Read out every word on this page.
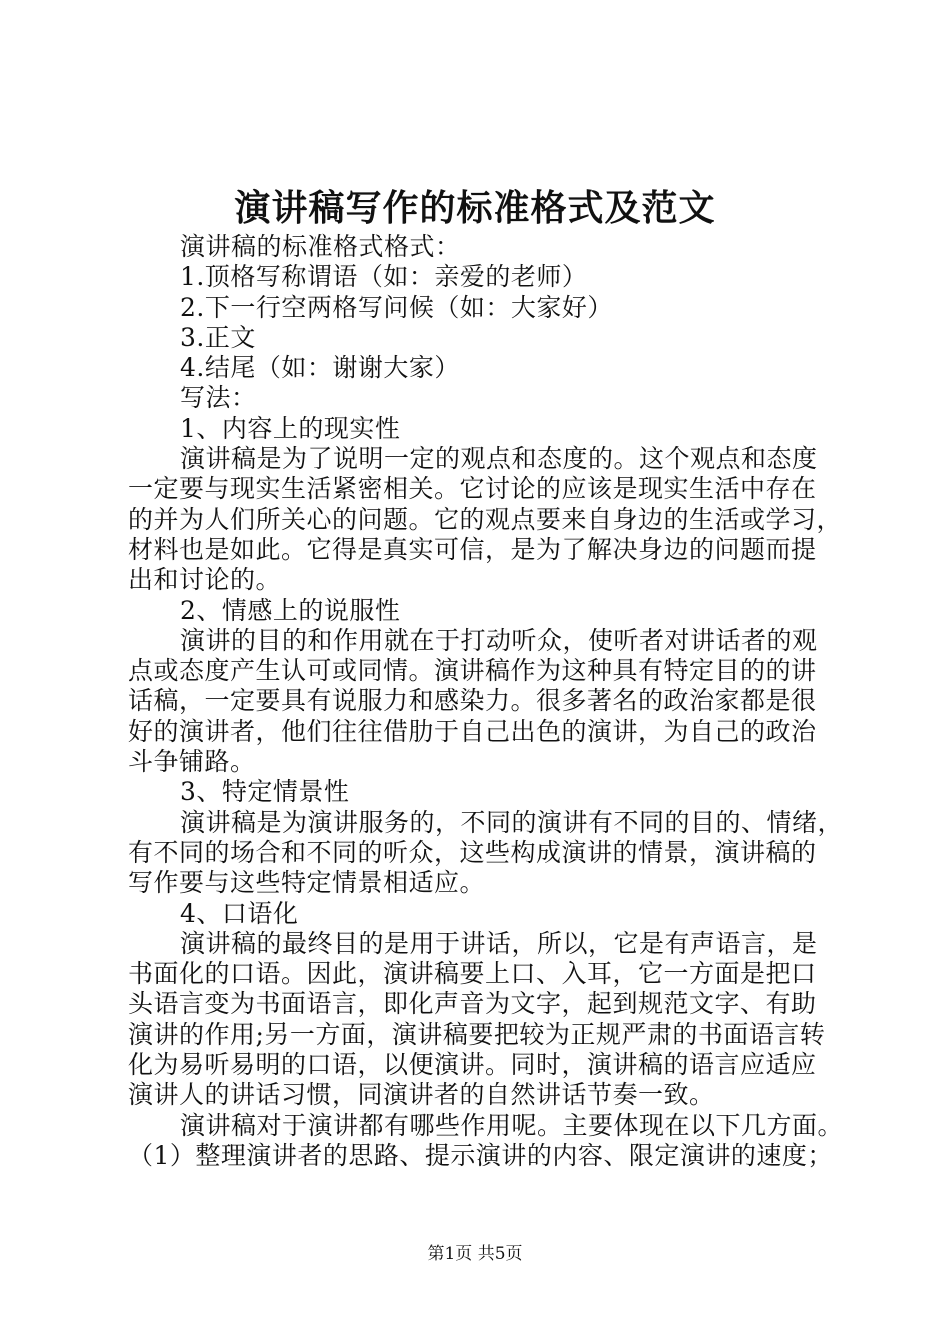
演讲稿写作的标准格式及范文

演讲稿的标准格式格式：

1.顶格写称谓语（如：亲爱的老师）

2.下一行空两格写问候（如：大家好）

3.正文

4.结尾（如：谢谢大家）

写法：

1、内容上的现实性

演讲稿是为了说明一定的观点和态度的。这个观点和态度

一定要与现实生活紧密相关。它讨论的应该是现实生活中存在

的并为人们所关心的问题。它的观点要来自身边的生活或学习，

材料也是如此。它得是真实可信，是为了解决身边的问题而提

出和讨论的。

2、情感上的说服性

演讲的目的和作用就在于打动听众，使听者对讲话者的观

点或态度产生认可或同情。演讲稿作为这种具有特定目的的讲

话稿，一定要具有说服力和感染力。很多著名的政治家都是很

好的演讲者，他们往往借肋于自己出色的演讲，为自己的政治

斗争铺路。

3、特定情景性

演讲稿是为演讲服务的，不同的演讲有不同的目的、情绪，

有不同的场合和不同的听众，这些构成演讲的情景，演讲稿的

写作要与这些特定情景相适应。

4、口语化

演讲稿的最终目的是用于讲话，所以，它是有声语言，是

书面化的口语。因此，演讲稿要上口、入耳，它一方面是把口

头语言变为书面语言，即化声音为文字，起到规范文字、有助

演讲的作用;另一方面，演讲稿要把较为正规严肃的书面语言转

化为易听易明的口语，以便演讲。同时，演讲稿的语言应适应

演讲人的讲话习惯，同演讲者的自然讲话节奏一致。

演讲稿对于演讲都有哪些作用呢。主要体现在以下几方面。

（1）整理演讲者的思路、提示演讲的内容、限定演讲的速度；

第1页 共5页
